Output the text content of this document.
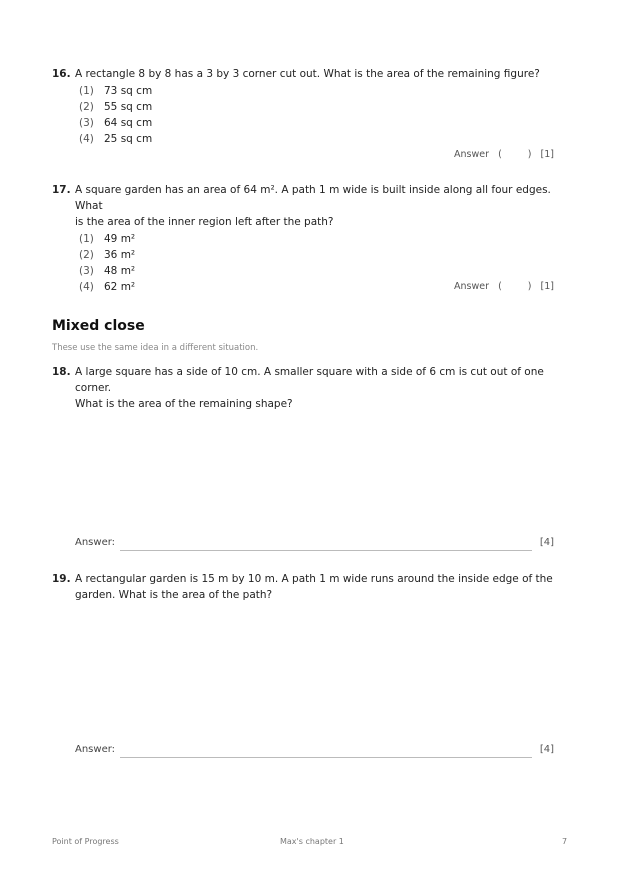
16. A rectangle 8 by 8 has a 3 by 3 corner cut out. What is the area of the remaining figure?
(1) 73 sq cm
(2) 55 sq cm
(3) 64 sq cm
(4) 25 sq cm
Answer (	) [1]
17. A square garden has an area of 64 m². A path 1 m wide is built inside along all four edges. What
is the area of the inner region left after the path?
(1) 49 m²
(2) 36 m²
(3) 48 m²
(4) 62 m²	Answer (	) [1]
Mixed close
These use the same idea in a different situation.
18. A large square has a side of 10 cm. A smaller square with a side of 6 cm is cut out of one corner.
What is the area of the remaining shape?
Answer:	[4]
19. A rectangular garden is 15 m by 10 m. A path 1 m wide runs around the inside edge of the
garden. What is the area of the path?
Answer:	[4]
Point of Progress	Max's chapter 1	7
